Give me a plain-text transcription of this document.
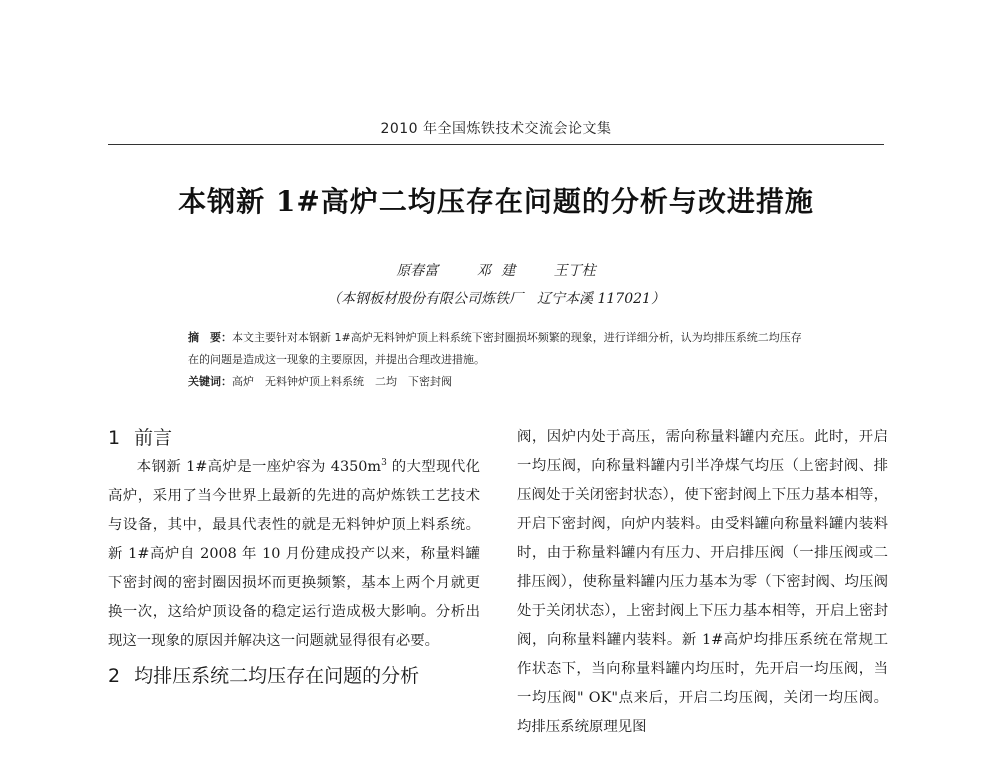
2010 年全国炼铁技术交流会论文集
本钢新 1#高炉二均压存在问题的分析与改进措施
原春富	邓 建	王丁柱
（本钢板材股份有限公司炼铁厂　辽宁本溪 117021）
摘　要：本文主要针对本钢新 1#高炉无料钟炉顶上料系统下密封圈损坏频繁的现象，进行详细分析，认为均排压系统二均压存在的问题是造成这一现象的主要原因，并提出合理改进措施。
关键词：高炉　无料钟炉顶上料系统　二均　下密封阀
1 前言

本钢新 1#高炉是一座炉容为 $4350m^3$ 的大型现代化高炉，采用了当今世界上最新的先进的高炉炼铁工艺技术与设备，其中，最具代表性的就是无料钟炉顶上料系统。新 1#高炉自 2008 年 10 月份建成投产以来，称量料罐下密封阀的密封圈因损坏而更换频繁，基本上两个月就更换一次，这给炉顶设备的稳定运行造成极大影响。分析出现这一现象的原因并解决这一问题就显得很有必要。

2 均排压系统二均压存在问题的分析

阀，因炉内处于高压，需向称量料罐内充压。此时，开启一均压阀，向称量料罐内引半净煤气均压（上密封阀、排压阀处于关闭密封状态），使下密封阀上下压力基本相等，开启下密封阀，向炉内装料。由受料罐向称量料罐内装料时，由于称量料罐内有压力、开启排压阀（一排压阀或二排压阀），使称量料罐内压力基本为零（下密封阀、均压阀处于关闭状态），上密封阀上下压力基本相等，开启上密封阀，向称量料罐内装料。新 1#高炉均排压系统在常规工作状态下，当向称量料罐内均压时，先开启一均压阀，当一均压阀" OK"点来后，开启二均压阀，关闭一均压阀。均排压系统原理见图
